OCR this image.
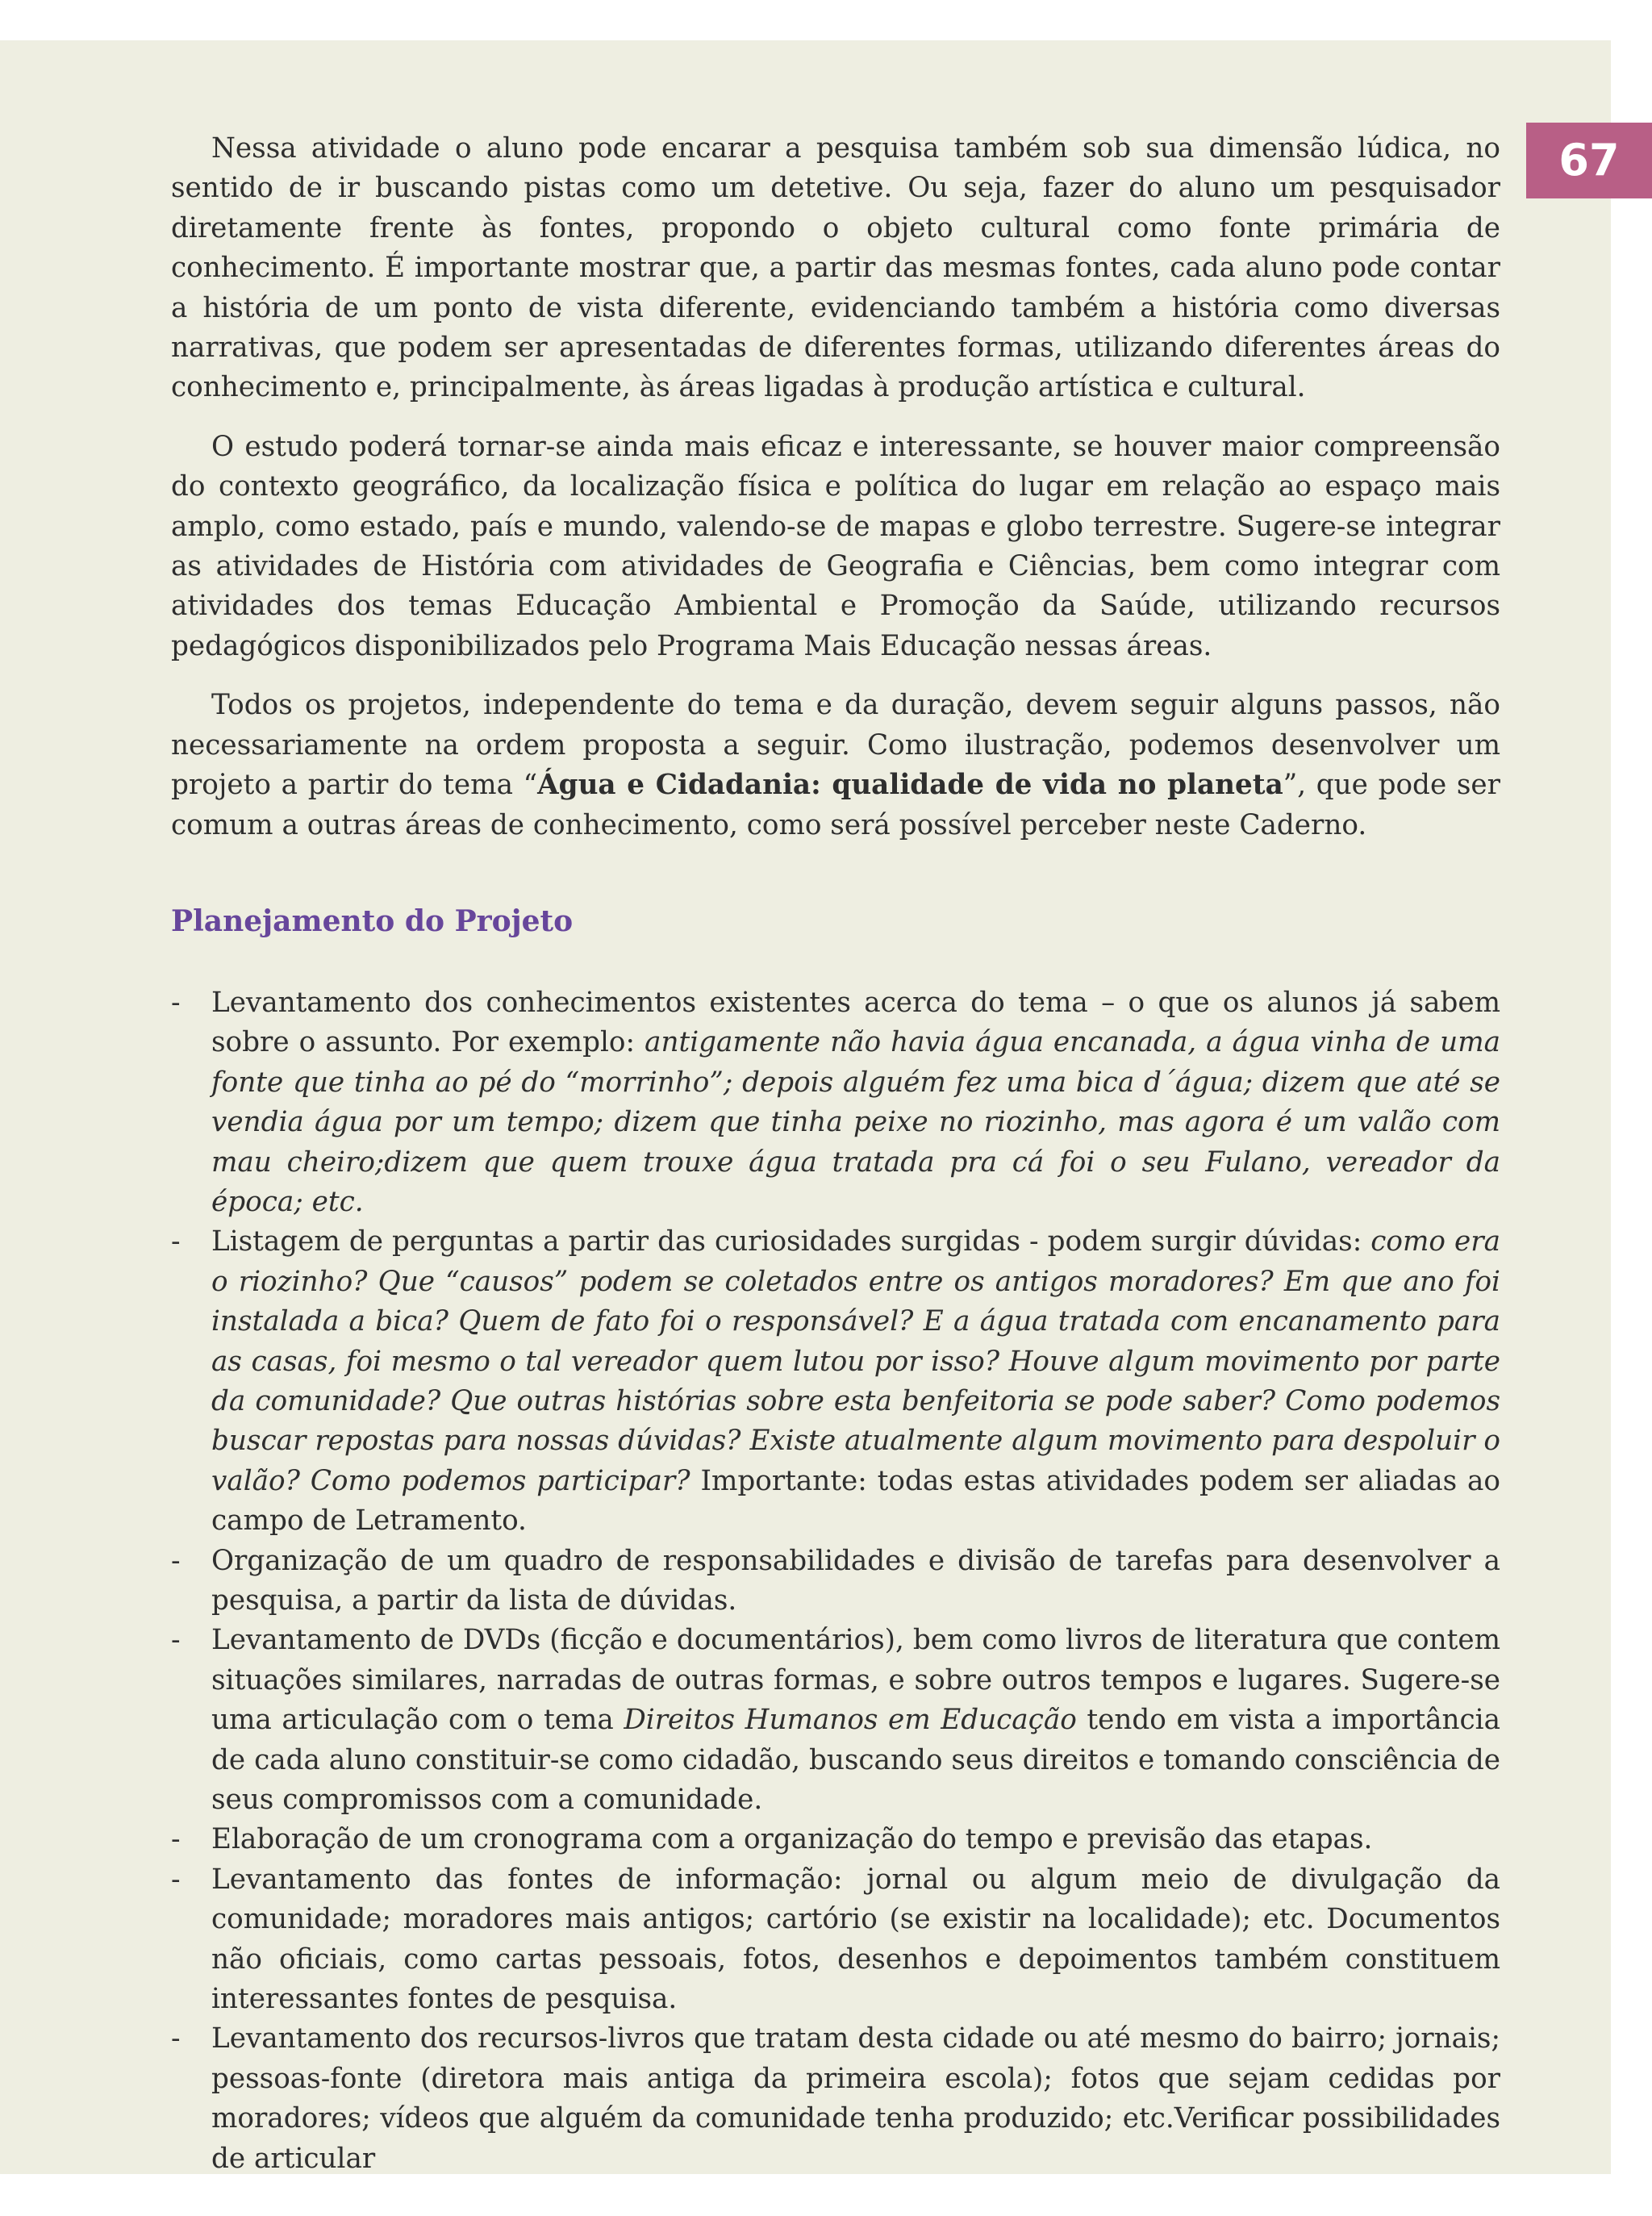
67

Nessa atividade o aluno pode encarar a pesquisa também sob sua dimensão lúdica, no sentido de ir buscando pistas como um detetive. Ou seja, fazer do aluno um pesquisador diretamente frente às fontes, propondo o objeto cultural como fonte primária de conhecimento. É importante mostrar que, a partir das mesmas fontes, cada aluno pode contar a história de um ponto de vista diferente, evidenciando também a história como diversas narrativas, que podem ser apresentadas de diferentes formas, utilizando diferentes áreas do conhecimento e, principalmente, às áreas ligadas à produção artística e cultural.

O estudo poderá tornar-se ainda mais eficaz e interessante, se houver maior compreensão do contexto geográfico, da localização física e política do lugar em relação ao espaço mais amplo, como estado, país e mundo, valendo-se de mapas e globo terrestre. Sugere-se integrar as atividades de História com atividades de Geografia e Ciências, bem como integrar com atividades dos temas Educação Ambiental e Promoção da Saúde, utilizando recursos pedagógicos disponibilizados pelo Programa Mais Educação nessas áreas.

Todos os projetos, independente do tema e da duração, devem seguir alguns passos, não necessariamente na ordem proposta a seguir. Como ilustração, podemos desenvolver um projeto a partir do tema “Água e Cidadania: qualidade de vida no planeta”, que pode ser comum a outras áreas de conhecimento, como será possível perceber neste Caderno.

Planejamento do Projeto
- Levantamento dos conhecimentos existentes acerca do tema – o que os alunos já sabem sobre o assunto. Por exemplo: antigamente não havia água encanada, a água vinha de uma fonte que tinha ao pé do “morrinho”; depois alguém fez uma bica d´água; dizem que até se vendia água por um tempo; dizem que tinha peixe no riozinho, mas agora é um valão com mau cheiro;dizem que quem trouxe água tratada pra cá foi o seu Fulano, vereador da época; etc.
- Listagem de perguntas a partir das curiosidades surgidas - podem surgir dúvidas: como era o riozinho? Que “causos” podem se coletados entre os antigos moradores? Em que ano foi instalada a bica? Quem de fato foi o responsável? E a água tratada com encanamento para as casas, foi mesmo o tal vereador quem lutou por isso? Houve algum movimento por parte da comunidade? Que outras histórias sobre esta benfeitoria se pode saber? Como podemos buscar repostas para nossas dúvidas? Existe atualmente algum movimento para despoluir o valão? Como podemos participar? Importante: todas estas atividades podem ser aliadas ao campo de Letramento.
- Organização de um quadro de responsabilidades e divisão de tarefas para desenvolver a pesquisa, a partir da lista de dúvidas.
- Levantamento de DVDs (ficção e documentários), bem como livros de literatura que contem situações similares, narradas de outras formas, e sobre outros tempos e lugares. Sugere-se uma articulação com o tema Direitos Humanos em Educação tendo em vista a importância de cada aluno constituir-se como cidadão, buscando seus direitos e tomando consciência de seus compromissos com a comunidade.
- Elaboração de um cronograma com a organização do tempo e previsão das etapas.
- Levantamento das fontes de informação: jornal ou algum meio de divulgação da comunidade; moradores mais antigos; cartório (se existir na localidade); etc. Documentos não oficiais, como cartas pessoais, fotos, desenhos e depoimentos também constituem interessantes fontes de pesquisa.
- Levantamento dos recursos-livros que tratam desta cidade ou até mesmo do bairro; jornais; pessoas-fonte (diretora mais antiga da primeira escola); fotos que sejam cedidas por moradores; vídeos que alguém da comunidade tenha produzido; etc.Verificar possibilidades de articular
